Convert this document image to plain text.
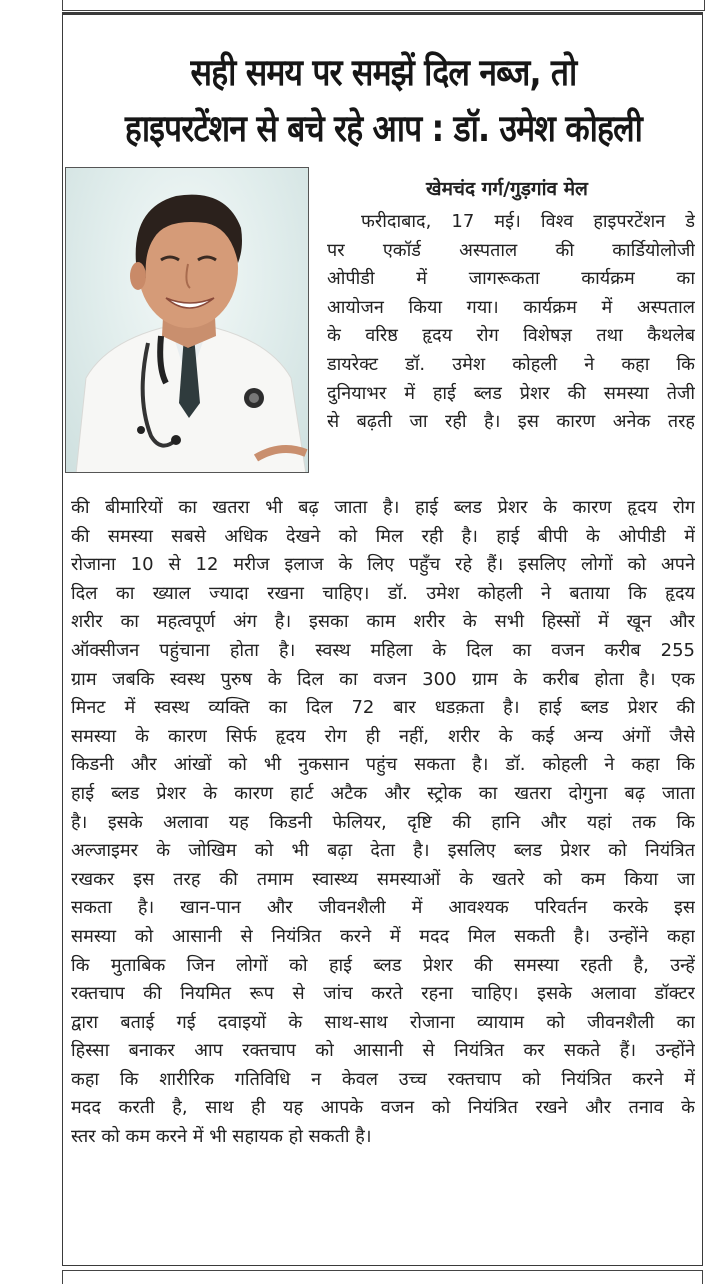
सही समय पर समझें दिल नब्ज, तो
हाइपरटेंशन से बचे रहे आप : डॉ. उमेश कोहली
खेमचंद गर्ग/गुड़गांव मेल
फरीदाबाद, 17 मई। विश्व हाइपरटेंशन डे
पर एकॉर्ड अस्पताल की कार्डियोलोजी
ओपीडी में जागरूकता कार्यक्रम का
आयोजन किया गया। कार्यक्रम में अस्पताल
के वरिष्ठ हृदय रोग विशेषज्ञ तथा कैथलेब
डायरेक्ट डॉ. उमेश कोहली ने कहा कि
दुनियाभर में हाई ब्लड प्रेशर की समस्या तेजी
से बढ़ती जा रही है। इस कारण अनेक तरह
की बीमारियों का खतरा भी बढ़ जाता है। हाई ब्लड प्रेशर के कारण हृदय रोग
की समस्या सबसे अधिक देखने को मिल रही है। हाई बीपी के ओपीडी में
रोजाना 10 से 12 मरीज इलाज के लिए पहुँच रहे हैं। इसलिए लोगों को अपने
दिल का ख्याल ज्यादा रखना चाहिए। डॉ. उमेश कोहली ने बताया कि हृदय
शरीर का महत्वपूर्ण अंग है। इसका काम शरीर के सभी हिस्सों में खून और
ऑक्सीजन पहुंचाना होता है। स्वस्थ महिला के दिल का वजन करीब 255
ग्राम जबकि स्वस्थ पुरुष के दिल का वजन 300 ग्राम के करीब होता है। एक
मिनट में स्वस्थ व्यक्ति का दिल 72 बार धडक़ता है। हाई ब्लड प्रेशर की
समस्या के कारण सिर्फ हृदय रोग ही नहीं, शरीर के कई अन्य अंगों जैसे
किडनी और आंखों को भी नुकसान पहुंच सकता है। डॉ. कोहली ने कहा कि
हाई ब्लड प्रेशर के कारण हार्ट अटैक और स्ट्रोक का खतरा दोगुना बढ़ जाता
है। इसके अलावा यह किडनी फेलियर, दृष्टि की हानि और यहां तक कि
अल्जाइमर के जोखिम को भी बढ़ा देता है। इसलिए ब्लड प्रेशर को नियंत्रित
रखकर इस तरह की तमाम स्वास्थ्य समस्याओं के खतरे को कम किया जा
सकता है। खान-पान और जीवनशैली में आवश्यक परिवर्तन करके इस
समस्या को आसानी से नियंत्रित करने में मदद मिल सकती है। उन्होंने कहा
कि मुताबिक जिन लोगों को हाई ब्लड प्रेशर की समस्या रहती है, उन्हें
रक्तचाप की नियमित रूप से जांच करते रहना चाहिए। इसके अलावा डॉक्टर
द्वारा बताई गई दवाइयों के साथ-साथ रोजाना व्यायाम को जीवनशैली का
हिस्सा बनाकर आप रक्तचाप को आसानी से नियंत्रित कर सकते हैं। उन्होंने
कहा कि शारीरिक गतिविधि न केवल उच्च रक्तचाप को नियंत्रित करने में
मदद करती है, साथ ही यह आपके वजन को नियंत्रित रखने और तनाव के
स्तर को कम करने में भी सहायक हो सकती है।
